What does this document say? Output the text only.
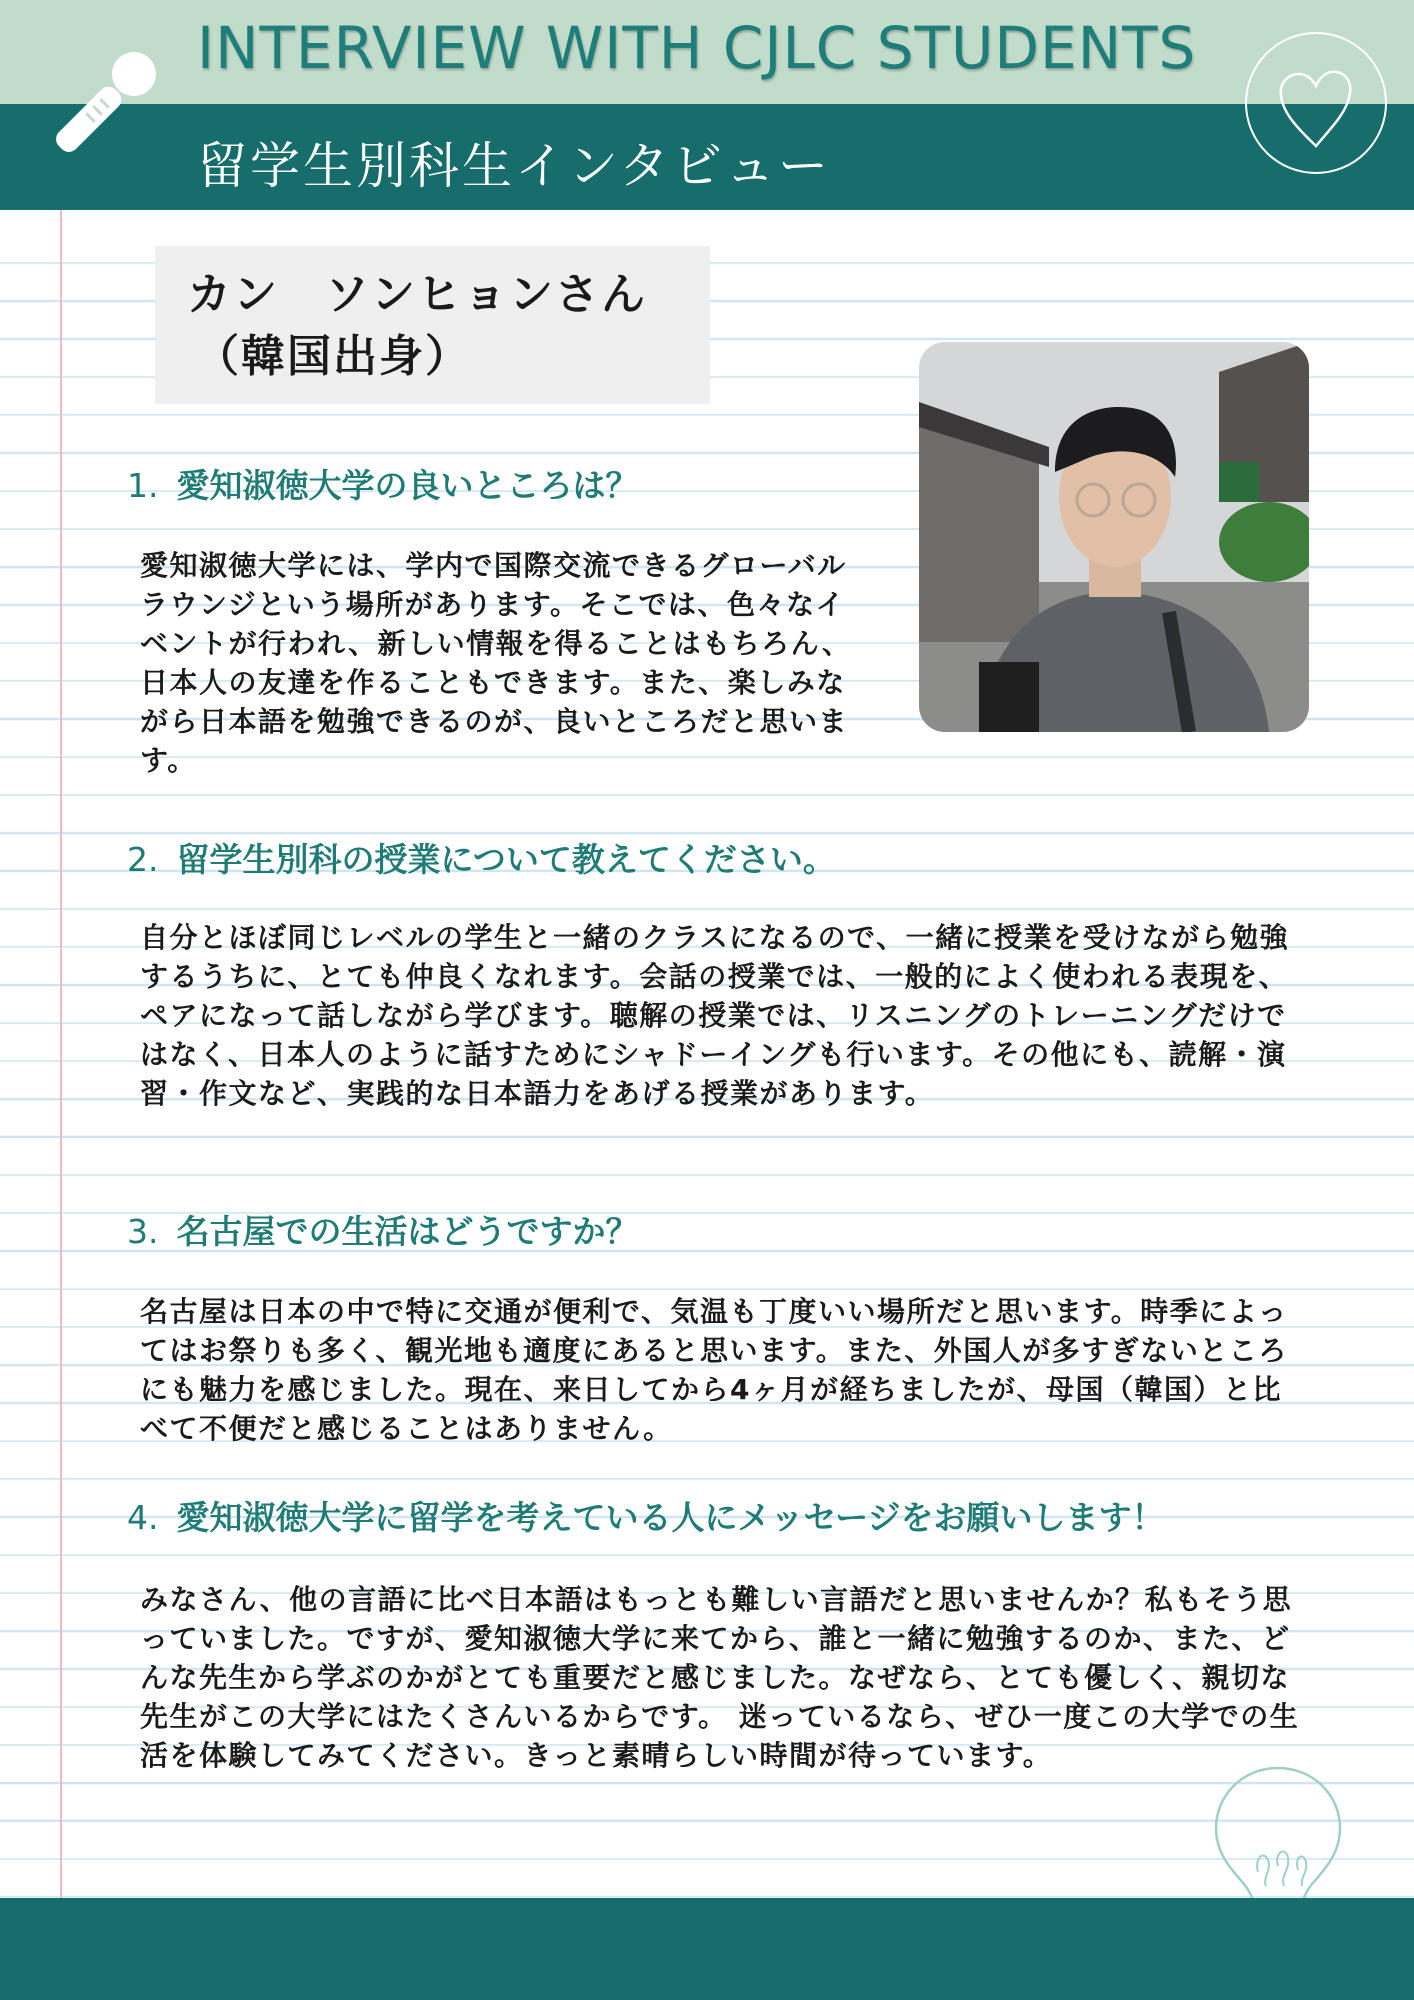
INTERVIEW WITH CJLC STUDENTS
留学生別科生インタビュー
カン　ソンヒョンさん
（韓国出身）
1. 愛知淑徳大学の良いところは？

愛知淑徳大学には、学内で国際交流できるグローバルラウンジという場所があります。そこでは、色々なイベントが行われ、新しい情報を得ることはもちろん、日本人の友達を作ることもできます。また、楽しみながら日本語を勉強できるのが、良いところだと思います。

2. 留学生別科の授業について教えてください。

自分とほぼ同じレベルの学生と一緒のクラスになるので、一緒に授業を受けながら勉強するうちに、とても仲良くなれます。会話の授業では、一般的によく使われる表現を、ペアになって話しながら学びます。聴解の授業では、リスニングのトレーニングだけではなく、日本人のように話すためにシャドーイングも行います。その他にも、読解・演習・作文など、実践的な日本語力をあげる授業があります。

3. 名古屋での生活はどうですか？

名古屋は日本の中で特に交通が便利で、気温も丁度いい場所だと思います。時季によってはお祭りも多く、観光地も適度にあると思います。また、外国人が多すぎないところにも魅力を感じました。現在、来日してから4ヶ月が経ちましたが、母国（韓国）と比べて不便だと感じることはありません。

4. 愛知淑徳大学に留学を考えている人にメッセージをお願いします！

みなさん、他の言語に比べ日本語はもっとも難しい言語だと思いませんか？私もそう思っていました。ですが、愛知淑徳大学に来てから、誰と一緒に勉強するのか、また、どんな先生から学ぶのかがとても重要だと感じました。なぜなら、とても優しく、親切な先生がこの大学にはたくさんいるからです。 迷っているなら、ぜひ一度この大学での生活を体験してみてください。きっと素晴らしい時間が待っています。
